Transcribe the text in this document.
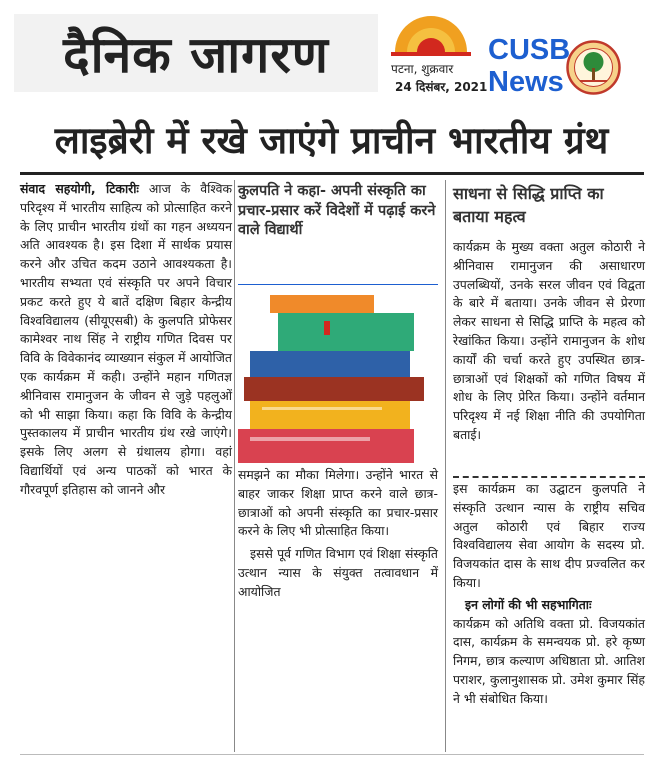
दैनिक जागरण	पटना, शुक्रवार
24 दिसंबर, 2021
CUSB
News
लाइब्रेरी में रखे जाएंगे प्राचीन भारतीय ग्रंथ

संवाद सहयोगी, टिकारीः आज के वैश्विक परिदृश्य में भारतीय साहित्य को प्रोत्साहित करने के लिए प्राचीन भारतीय ग्रंथों का गहन अध्ययन अति आवश्यक है। इस दिशा में सार्थक प्रयास करने और उचित कदम उठाने आवश्यकता है। भारतीय सभ्यता एवं संस्कृति पर अपने विचार प्रकट करते हुए ये बातें दक्षिण बिहार केन्द्रीय विश्वविद्यालय (सीयूएसबी) के कुलपति प्रोफेसर कामेश्वर नाथ सिंह ने राष्ट्रीय गणित दिवस पर विवि के विवेकानंद व्याख्यान संकुल में आयोजित एक कार्यक्रम में कही। उन्होंने महान गणितज्ञ श्रीनिवास रामानुजन के जीवन से जुड़े पहलुओं को भी साझा किया। कहा कि विवि के केन्द्रीय पुस्तकालय में प्राचीन भारतीय ग्रंथ रखे जाएंगे। इसके लिए अलग से ग्रंथालय होगा। वहां विद्यार्थियों एवं अन्य पाठकों को भारत के गौरवपूर्ण इतिहास को जानने और

कुलपति ने कहा- अपनी संस्कृति का प्रचार-प्रसार करें विदेशों में पढ़ाई करने वाले विद्यार्थी

समझने का मौका मिलेगा। उन्होंने भारत से बाहर जाकर शिक्षा प्राप्त करने वाले छात्र-छात्राओं को अपनी संस्कृति का प्रचार-प्रसार करने के लिए भी प्रोत्साहित किया।

इससे पूर्व गणित विभाग एवं शिक्षा संस्कृति उत्थान न्यास के संयुक्त तत्वावधान में आयोजित

साधना से सिद्धि प्राप्ति का बताया महत्व

कार्यक्रम के मुख्य वक्ता अतुल कोठारी ने श्रीनिवास रामानुजन की असाधारण उपलब्धियों, उनके सरल जीवन एवं विद्वता के बारे में बताया। उनके जीवन से प्रेरणा लेकर साधना से सिद्धि प्राप्ति के महत्व को रेखांकित किया। उन्होंने रामानुजन के शोध कार्यों की चर्चा करते हुए उपस्थित छात्र-छात्राओं एवं शिक्षकों को गणित विषय में शोध के लिए प्रेरित किया। उन्होंने वर्तमान परिदृश्य में नई शिक्षा नीति की उपयोगिता बताई।

इस कार्यक्रम का उद्घाटन कुलपति ने संस्कृति उत्थान न्यास के राष्ट्रीय सचिव अतुल कोठारी एवं बिहार राज्य विश्वविद्यालय सेवा आयोग के सदस्य प्रो. विजयकांत दास के साथ दीप प्रज्वलित कर किया।

इन लोगों की भी सहभागिताः

कार्यक्रम को अतिथि वक्ता प्रो. विजयकांत दास, कार्यक्रम के समन्वयक प्रो. हरे कृष्ण निगम, छात्र कल्याण अधिष्ठाता प्रो. आतिश पराशर, कुलानुशासक प्रो. उमेश कुमार सिंह ने भी संबोधित किया।
